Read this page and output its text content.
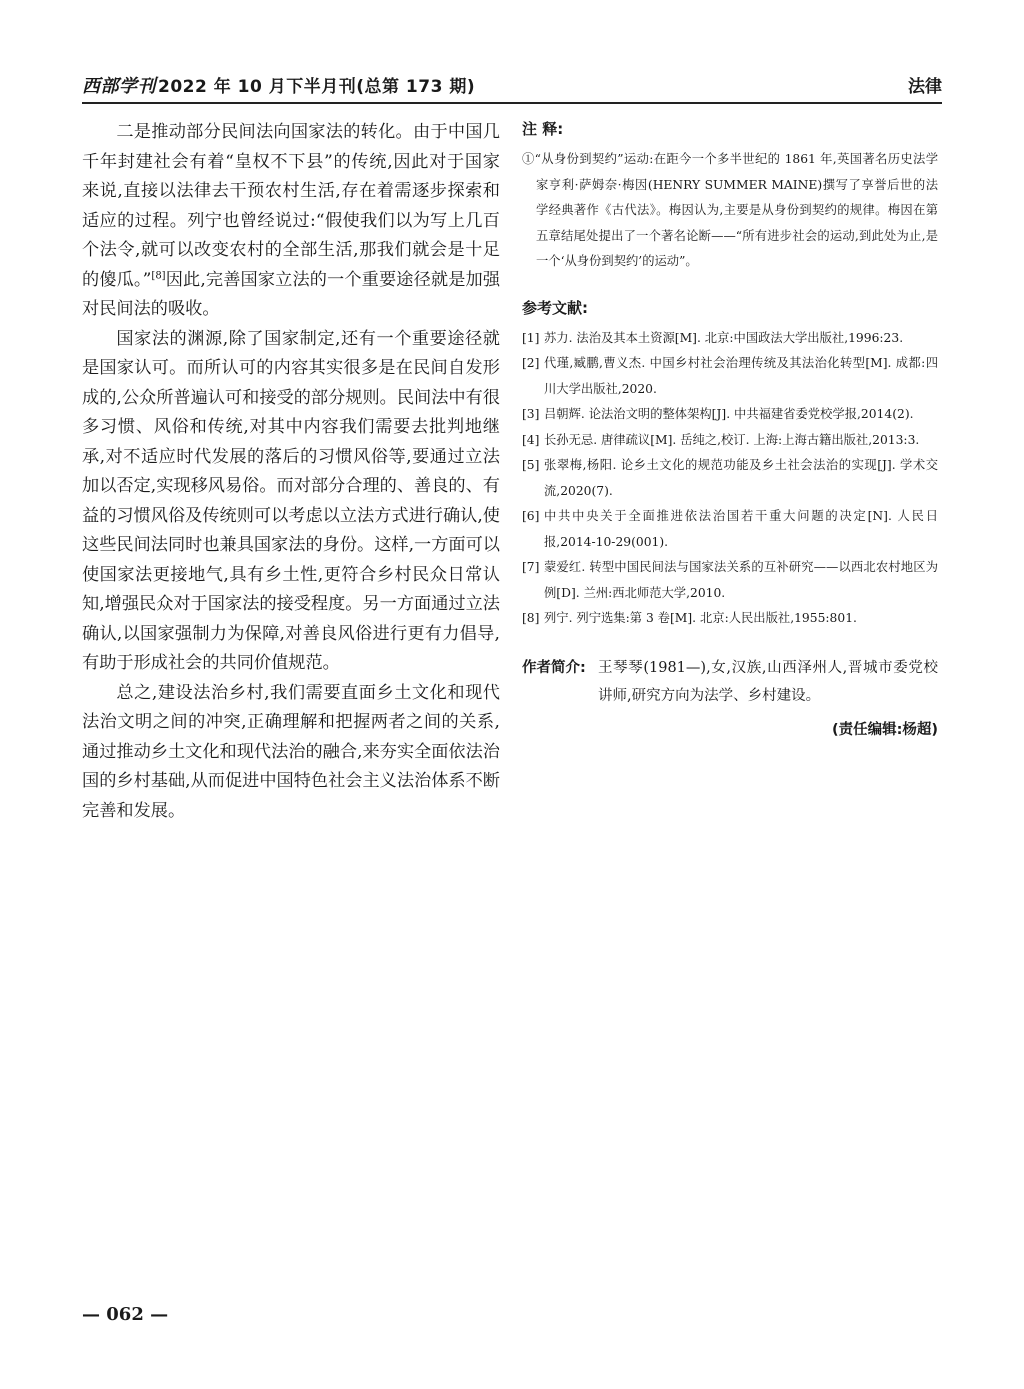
西部学刊 2022 年 10 月下半月刊(总第 173 期)	法律

二是推动部分民间法向国家法的转化。由于中国几千年封建社会有着“皇权不下县”的传统,因此对于国家来说,直接以法律去干预农村生活,存在着需逐步探索和适应的过程。列宁也曾经说过:“假使我们以为写上几百个法令,就可以改变农村的全部生活,那我们就会是十足的傻瓜。”[8]因此,完善国家立法的一个重要途径就是加强对民间法的吸收。

国家法的渊源,除了国家制定,还有一个重要途径就是国家认可。而所认可的内容其实很多是在民间自发形成的,公众所普遍认可和接受的部分规则。民间法中有很多习惯、风俗和传统,对其中内容我们需要去批判地继承,对不适应时代发展的落后的习惯风俗等,要通过立法加以否定,实现移风易俗。而对部分合理的、善良的、有益的习惯风俗及传统则可以考虑以立法方式进行确认,使这些民间法同时也兼具国家法的身份。这样,一方面可以使国家法更接地气,具有乡土性,更符合乡村民众日常认知,增强民众对于国家法的接受程度。另一方面通过立法确认,以国家强制力为保障,对善良风俗进行更有力倡导,有助于形成社会的共同价值规范。

总之,建设法治乡村,我们需要直面乡土文化和现代法治文明之间的冲突,正确理解和把握两者之间的关系,通过推动乡土文化和现代法治的融合,来夯实全面依法治国的乡村基础,从而促进中国特色社会主义法治体系不断完善和发展。

注 释:

①“从身份到契约”运动:在距今一个多半世纪的 1861 年,英国著名历史法学家亨利·萨姆奈·梅因(HENRY SUMMER MAINE)撰写了享誉后世的法学经典著作《古代法》。梅因认为,主要是从身份到契约的规律。梅因在第五章结尾处提出了一个著名论断——“所有进步社会的运动,到此处为止,是一个‘从身份到契约’的运动”。

参考文献:
[1] 苏力. 法治及其本土资源[M]. 北京:中国政法大学出版社,1996:23.
[2] 代瑾,臧鹏,曹义杰. 中国乡村社会治理传统及其法治化转型[M]. 成都:四川大学出版社,2020.
[3] 吕朝辉. 论法治文明的整体架构[J]. 中共福建省委党校学报,2014(2).
[4] 长孙无忌. 唐律疏议[M]. 岳纯之,校订. 上海:上海古籍出版社,2013:3.
[5] 张翠梅,杨阳. 论乡土文化的规范功能及乡土社会法治的实现[J]. 学术交流,2020(7).
[6] 中共中央关于全面推进依法治国若干重大问题的决定[N]. 人民日报,2014-10-29(001).
[7] 蒙爱红. 转型中国民间法与国家法关系的互补研究——以西北农村地区为例[D]. 兰州:西北师范大学,2010.
[8] 列宁. 列宁选集:第 3 卷[M]. 北京:人民出版社,1955:801.
作者简介: 王琴琴(1981—),女,汉族,山西泽州人,晋城市委党校讲师,研究方向为法学、乡村建设。
(责任编辑:杨超)
— 062 —
